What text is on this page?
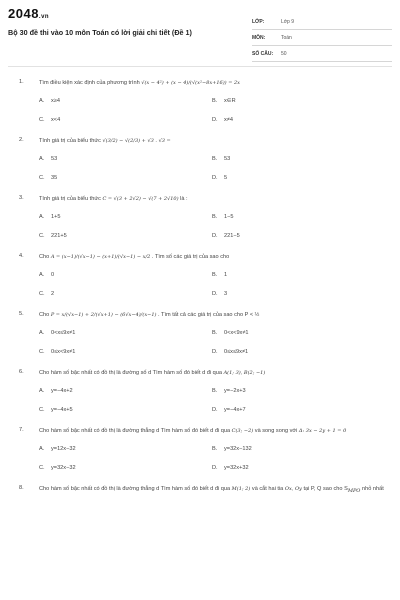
2048.vn
Bộ 30 đề thi vào 10 môn Toán có lời giải chi tiết (Đề 1)
LỚP:	Lớp 9
MÔN:	Toán
SỐ CÂU:	50
1.	Tìm điều kiện xác định của phương trình √(x − 4²) + (x − 4)/(√(x²−8x+16)) = 2x
A.	x≥4	B.	x∈R
C.	x<4	D.	x≠4
2.	Tính giá trị của biểu thức √(3/2) − √(2/3) + √3 . √3 =
A.	53	B.	53
C.	35	D.	5
3.	Tính giá trị của biểu thức C = √(3 + 2√2) − √(7 + 2√10) là :
A.	1+5	B.	1−5
C.	221+5	D.	221−5
4.	Cho A = (x−1)/(√x−1) − (x+1)/(√x−1) − x/2 . Tìm số các giá trị của sao cho
A.	0	B.	1
C.	2	D.	3
5.	Cho P = x/(√x−1) + 2/(√x+1) − (6√x−4)/(x−1) . Tìm tất cả các giá trị của sao cho P < ½
A.	0<x≤9x≠1	B.	0<x<9x≠1
C.	0≤x<9x≠1	D.	0≤x≤9x≠1
6.	Cho hàm số bậc nhất có đồ thị là đường số d Tìm hàm số đó biết d đi qua A(1; 3), B(2; −1)
A.	y=−4x+2	B.	y=−2x+3
C.	y=−4x+5	D.	y=−4x+7
7.	Cho hàm số bậc nhất có đồ thị là đường thẳng d Tìm hàm số đó biết d đi qua C(3; −2) và song song với Δ: 3x − 2y + 1 = 0
A.	y=12x−32	B.	y=32x−132
C.	y=32x−32	D.	y=32x+32
8.	Cho hàm số bậc nhất có đồ thị là đường thẳng d Tìm hàm số đó biết d đi qua M(1; 2) và cắt hai tia Ox, Oy tại P, Q sao cho $S_{MPO}$ nhỏ nhất
